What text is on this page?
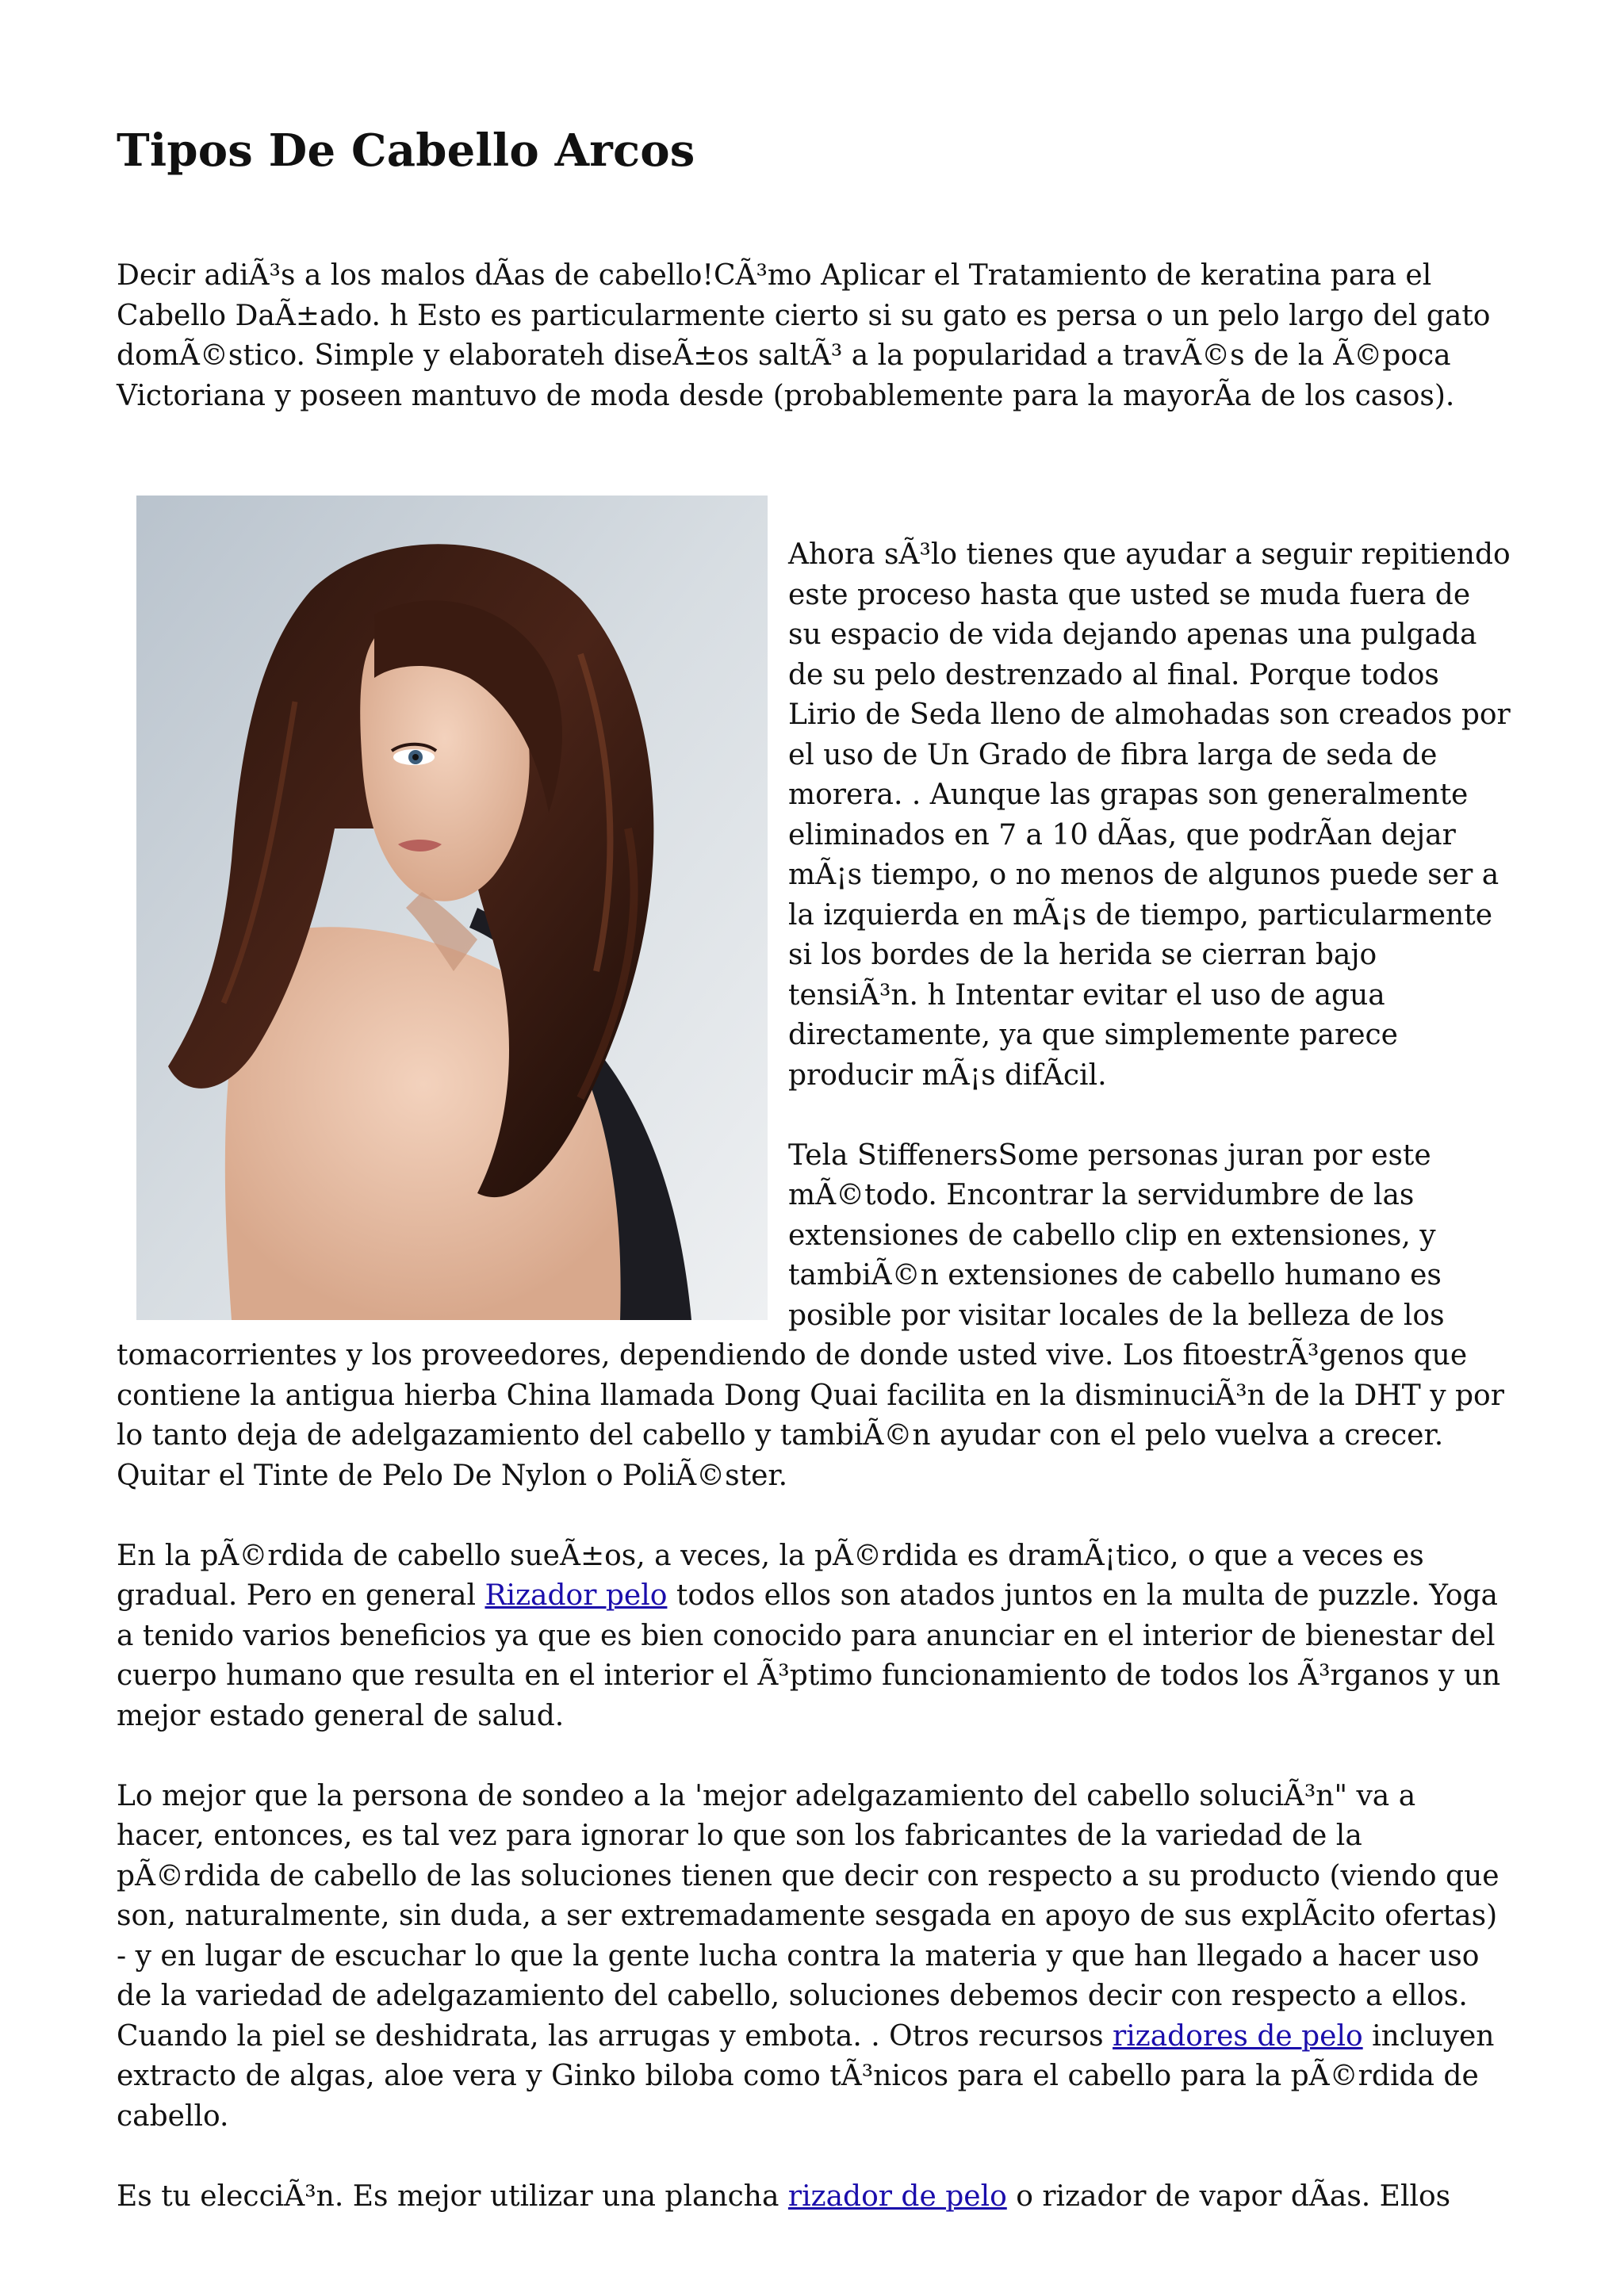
Tipos De Cabello Arcos

Decir adiÃ³s a los malos dÃas de cabello!CÃ³mo Aplicar el Tratamiento de keratina para el Cabello DaÃ±ado. h Esto es particularmente cierto si su gato es persa o un pelo largo del gato domÃ©stico. Simple y elaborateh diseÃ±os saltÃ³ a la popularidad a travÃ©s de la Ã©poca Victoriana y poseen mantuvo de moda desde (probablemente para la mayorÃa de los casos).

Ahora sÃ³lo tienes que ayudar a seguir repitiendo este proceso hasta que usted se muda fuera de su espacio de vida dejando apenas una pulgada de su pelo destrenzado al final. Porque todos Lirio de Seda lleno de almohadas son creados por el uso de Un Grado de fibra larga de seda de morera. . Aunque las grapas son generalmente eliminados en 7 a 10 dÃas, que podrÃan dejar mÃ¡s tiempo, o no menos de algunos puede ser a la izquierda en mÃ¡s de tiempo, particularmente si los bordes de la herida se cierran bajo tensiÃ³n. h Intentar evitar el uso de agua directamente, ya que simplemente parece producir mÃ¡s difÃcil.

Tela StiffenersSome personas juran por este mÃ©todo. Encontrar la servidumbre de las extensiones de cabello clip en extensiones, y tambiÃ©n extensiones de cabello humano es posible por visitar locales de la belleza de los tomacorrientes y los proveedores, dependiendo de donde usted vive. Los fitoestrÃ³genos que contiene la antigua hierba China llamada Dong Quai facilita en la disminuciÃ³n de la DHT y por lo tanto deja de adelgazamiento del cabello y tambiÃ©n ayudar con el pelo vuelva a crecer. Quitar el Tinte de Pelo De Nylon o PoliÃ©ster.

En la pÃ©rdida de cabello sueÃ±os, a veces, la pÃ©rdida es dramÃ¡tico, o que a veces es gradual. Pero en general Rizador pelo todos ellos son atados juntos en la multa de puzzle. Yoga a tenido varios beneficios ya que es bien conocido para anunciar en el interior de bienestar del cuerpo humano que resulta en el interior el Ã³ptimo funcionamiento de todos los Ã³rganos y un mejor estado general de salud.

Lo mejor que la persona de sondeo a la 'mejor adelgazamiento del cabello soluciÃ³n" va a hacer, entonces, es tal vez para ignorar lo que son los fabricantes de la variedad de la pÃ©rdida de cabello de las soluciones tienen que decir con respecto a su producto (viendo que son, naturalmente, sin duda, a ser extremadamente sesgada en apoyo de sus explÃcito ofertas) - y en lugar de escuchar lo que la gente lucha contra la materia y que han llegado a hacer uso de la variedad de adelgazamiento del cabello, soluciones debemos decir con respecto a ellos. Cuando la piel se deshidrata, las arrugas y embota. . Otros recursos rizadores de pelo incluyen extracto de algas, aloe vera y Ginko biloba como tÃ³nicos para el cabello para la pÃ©rdida de cabello.

Es tu elecciÃ³n. Es mejor utilizar una plancha rizador de pelo o rizador de vapor dÃas. Ellos
